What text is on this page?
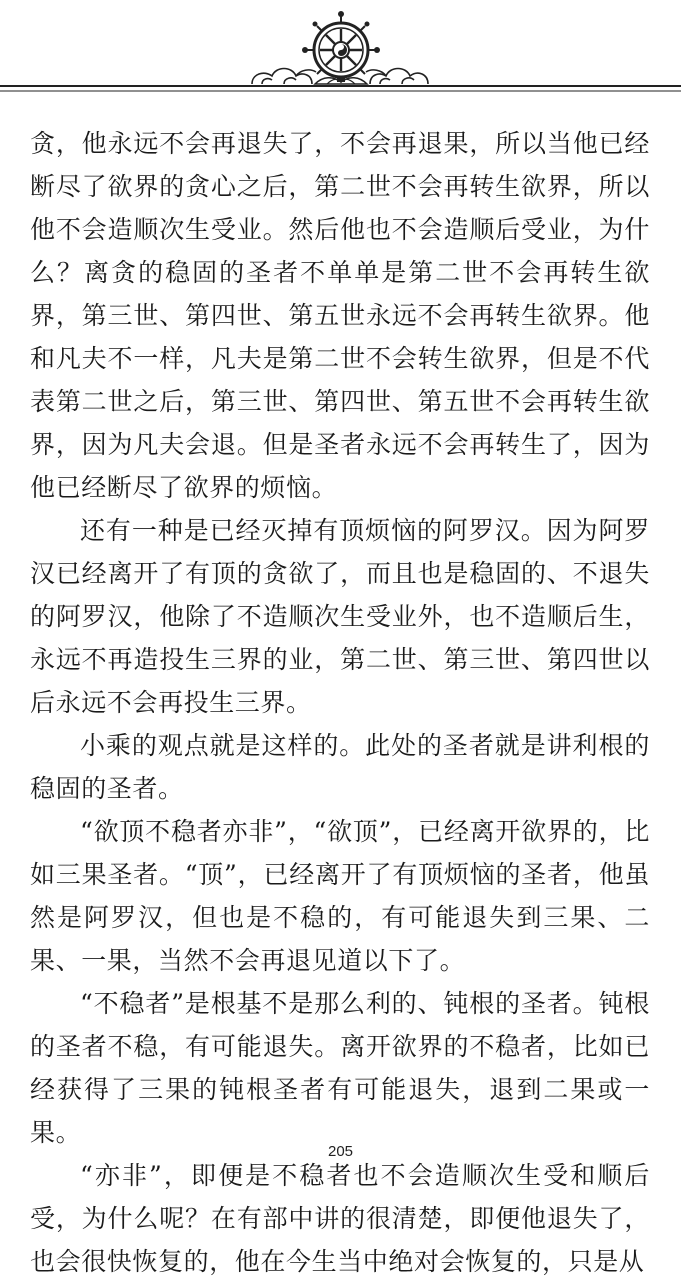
贪，他永远不会再退失了，不会再退果，所以当他已经断尽了欲界的贪心之后，第二世不会再转生欲界，所以他不会造顺次生受业。然后他也不会造顺后受业，为什么？离贪的稳固的圣者不单单是第二世不会再转生欲界，第三世、第四世、第五世永远不会再转生欲界。他和凡夫不一样，凡夫是第二世不会转生欲界，但是不代表第二世之后，第三世、第四世、第五世不会再转生欲界，因为凡夫会退。但是圣者永远不会再转生了，因为他已经断尽了欲界的烦恼。

还有一种是已经灭掉有顶烦恼的阿罗汉。因为阿罗汉已经离开了有顶的贪欲了，而且也是稳固的、不退失的阿罗汉，他除了不造顺次生受业外，也不造顺后生，永远不再造投生三界的业，第二世、第三世、第四世以后永远不会再投生三界。

小乘的观点就是这样的。此处的圣者就是讲利根的稳固的圣者。

“欲顶不稳者亦非”，“欲顶”，已经离开欲界的，比如三果圣者。“顶”，已经离开了有顶烦恼的圣者，他虽然是阿罗汉，但也是不稳的，有可能退失到三果、二果、一果，当然不会再退见道以下了。

“不稳者”是根基不是那么利的、钝根的圣者。钝根的圣者不稳，有可能退失。离开欲界的不稳者，比如已经获得了三果的钝根圣者有可能退失，退到二果或一果。

“亦非”，即便是不稳者也不会造顺次生受和顺后受，为什么呢？在有部中讲的很清楚，即便他退失了，也会很快恢复的，他在今生当中绝对会恢复的，只是从

205
